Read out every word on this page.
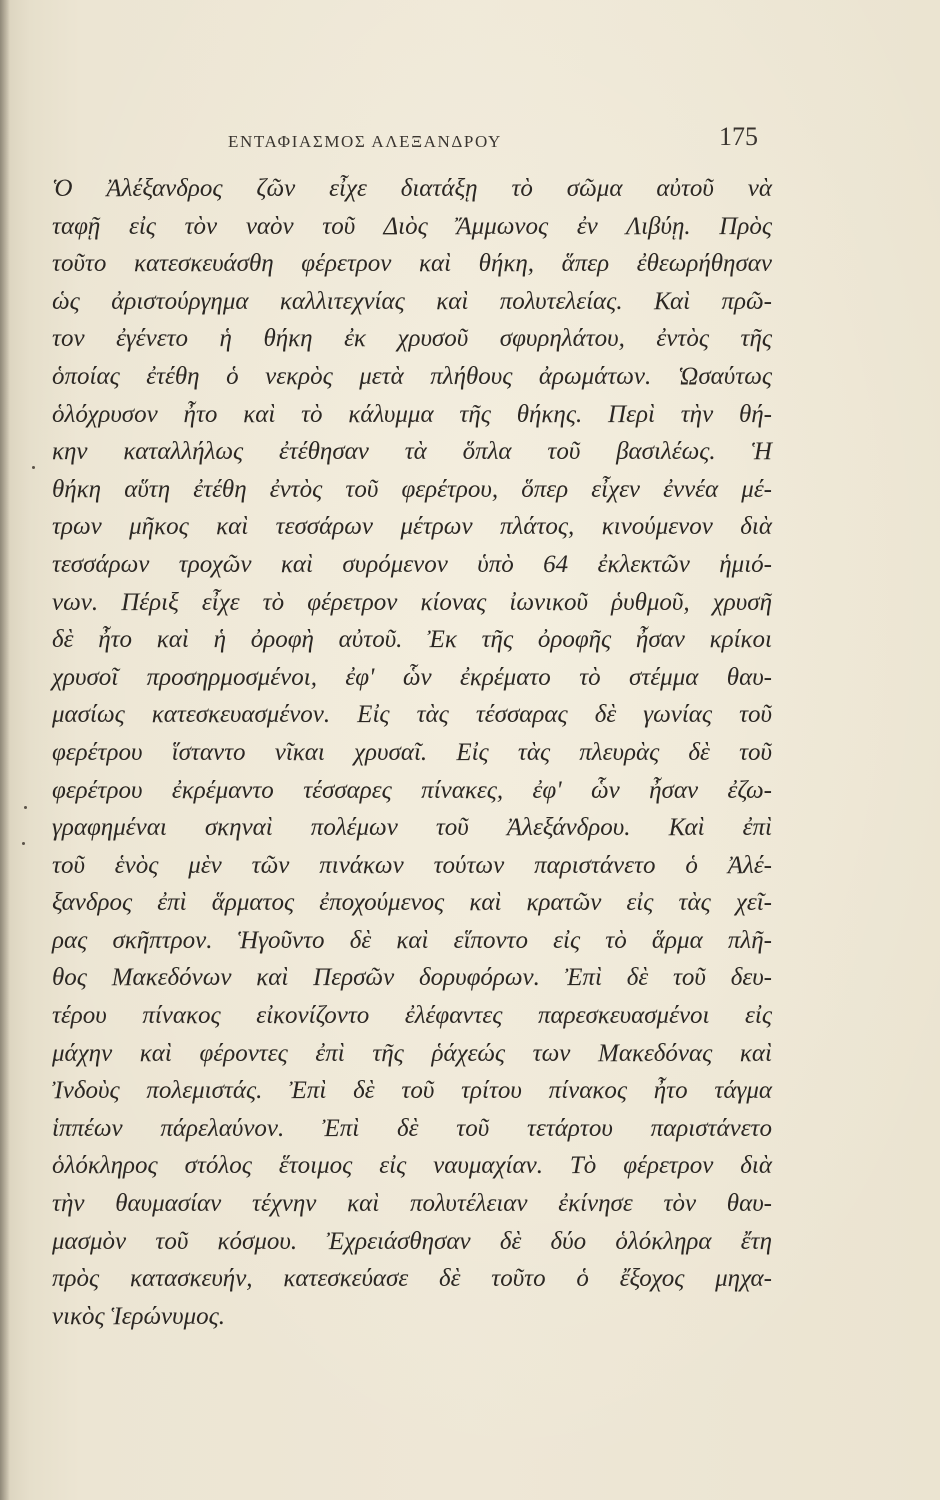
ΕΝΤΑΦΙΑΣΜΟΣ ΑΛΕΞΑΝΔΡΟΥ	175
Ὁ Ἀλέξανδρος ζῶν εἶχε διατάξῃ τὸ σῶμα αὐτοῦ νὰ
ταφῇ εἰς τὸν ναὸν τοῦ Διὸς Ἄμμωνος ἐν Λιβύῃ. Πρὸς
τοῦτο κατεσκευάσθη φέρετρον καὶ θήκη, ἅπερ ἐθεωρήθησαν
ὡς ἀριστούργημα καλλιτεχνίας καὶ πολυτελείας. Καὶ πρῶ-
τον ἐγένετο ἡ θήκη ἐκ χρυσοῦ σφυρηλάτου, ἐντὸς τῆς
ὁποίας ἐτέθη ὁ νεκρὸς μετὰ πλήθους ἀρωμάτων. Ὡσαύτως
ὁλόχρυσον ἦτο καὶ τὸ κάλυμμα τῆς θήκης. Περὶ τὴν θή-
κην καταλλήλως ἐτέθησαν τὰ ὅπλα τοῦ βασιλέως. Ἡ
θήκη αὕτη ἐτέθη ἐντὸς τοῦ φερέτρου, ὅπερ εἶχεν ἐννέα μέ-
τρων μῆκος καὶ τεσσάρων μέτρων πλάτος, κινούμενον διὰ
τεσσάρων τροχῶν καὶ συρόμενον ὑπὸ 64 ἐκλεκτῶν ἡμιό-
νων. Πέριξ εἶχε τὸ φέρετρον κίονας ἰωνικοῦ ῥυθμοῦ, χρυσῆ
δὲ ἦτο καὶ ἡ ὀροφὴ αὐτοῦ. Ἐκ τῆς ὀροφῆς ἦσαν κρίκοι
χρυσοῖ προσηρμοσμένοι, ἐφ' ὧν ἐκρέματο τὸ στέμμα θαυ-
μασίως κατεσκευασμένον. Εἰς τὰς τέσσαρας δὲ γωνίας τοῦ
φερέτρου ἵσταντο νῖκαι χρυσαῖ. Εἰς τὰς πλευρὰς δὲ τοῦ
φερέτρου ἐκρέμαντο τέσσαρες πίνακες, ἐφ' ὧν ἦσαν ἐζω-
γραφημέναι σκηναὶ πολέμων τοῦ Ἀλεξάνδρου. Καὶ ἐπὶ
τοῦ ἑνὸς μὲν τῶν πινάκων τούτων παριστάνετο ὁ Ἀλέ-
ξανδρος ἐπὶ ἅρματος ἐποχούμενος καὶ κρατῶν εἰς τὰς χεῖ-
ρας σκῆπτρον. Ἡγοῦντο δὲ καὶ εἵποντο εἰς τὸ ἅρμα πλῆ-
θος Μακεδόνων καὶ Περσῶν δορυφόρων. Ἐπὶ δὲ τοῦ δευ-
τέρου πίνακος εἰκονίζοντο ἐλέφαντες παρεσκευασμένοι εἰς
μάχην καὶ φέροντες ἐπὶ τῆς ῥάχεώς των Μακεδόνας καὶ
Ἰνδοὺς πολεμιστάς. Ἐπὶ δὲ τοῦ τρίτου πίνακος ἦτο τάγμα
ἱππέων πάρελαύνον. Ἐπὶ δὲ τοῦ τετάρτου παριστάνετο
ὁλόκληρος στόλος ἕτοιμος εἰς ναυμαχίαν. Τὸ φέρετρον διὰ
τὴν θαυμασίαν τέχνην καὶ πολυτέλειαν ἐκίνησε τὸν θαυ-
μασμὸν τοῦ κόσμου. Ἐχρειάσθησαν δὲ δύο ὁλόκληρα ἔτη
πρὸς κατασκευήν, κατεσκεύασε δὲ τοῦτο ὁ ἔξοχος μηχα-
νικὸς Ἱερώνυμος.
